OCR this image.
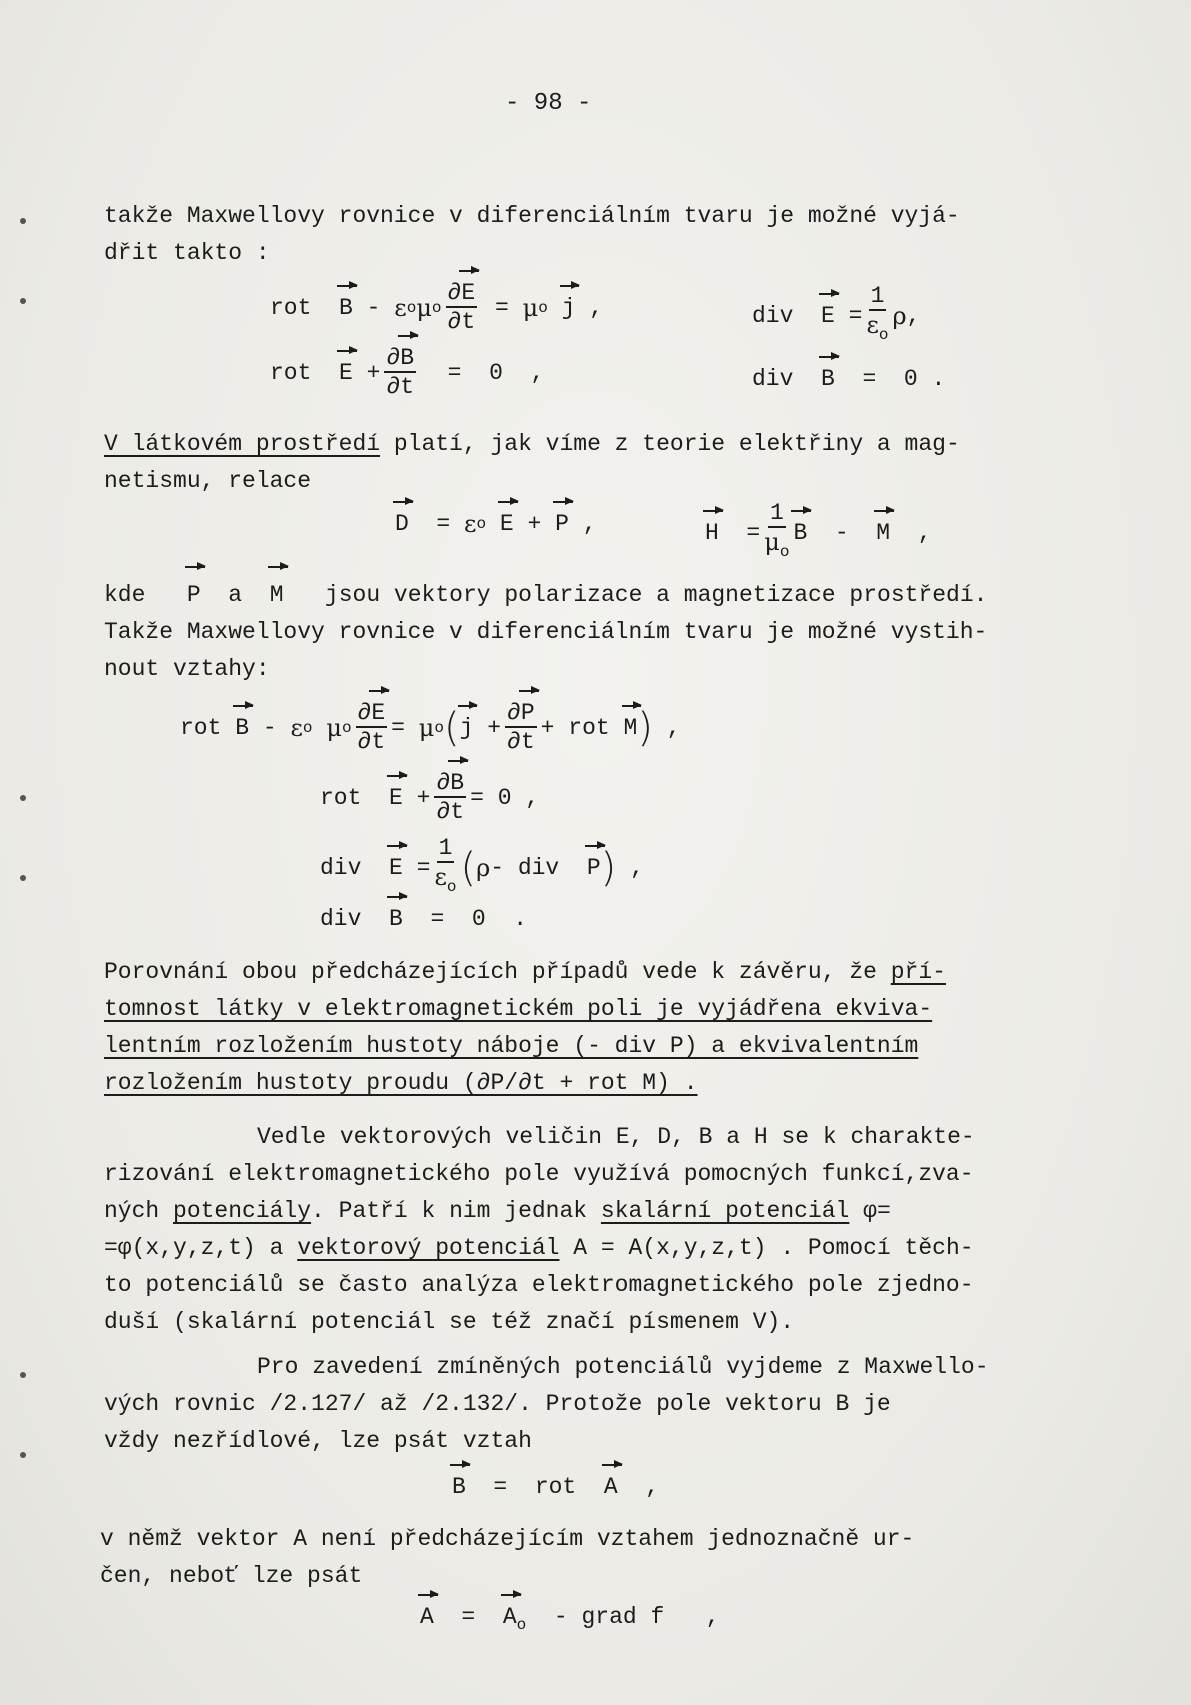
- 98 -
takže Maxwellovy rovnice v diferenciálním tvaru je možné vyjá-
dřit takto :
rot
B - ε o μ o $\frac{\partial E}{\partial t} = \mu$ o
j ,	div
$E = \frac{1}{\varepsilon_o}$ ρ ,
rot
$E + \frac{\partial B}{\partial t} = 0$ ,	div B  =  0 .
V látkovém prostředí platí, jak víme z teorie elektřiny a mag-
netismu, relace
D = ε o
E + P ,	$H = \frac{1}{\mu_o}$ B - M ,
kde P a M jsou vektory polarizace a magnetizace prostředí.
Takže Maxwellovy rovnice v diferenciálním tvaru je možné vystih-
nout vztahy:
rot
B - ε o
μ o $\frac{\partial E}{\partial t} = \mu$ o ( $j + \frac{\partial P}{\partial t}$ + rot
M ) ,
rot
$E + \frac{\partial B}{\partial t} = 0$ ,
div
$E = \frac{1}{\varepsilon_o}$ ( ρ - div
P ) ,
div B  =  0  .
Porovnání obou předcházejících případů vede k závěru, že pří-
tomnost látky v elektromagnetickém poli je vyjádřena ekviva-
lentním rozložením hustoty náboje (- div P) a ekvivalentním
rozložením hustoty proudu (∂P/∂t + rot M) .
Vedle vektorových veličin E, D, B a H se k charakte-
rizování elektromagnetického pole využívá pomocných funkcí,zva-
ných potenciály. Patří k nim jednak skalární potenciál φ=
=φ(x,y,z,t) a vektorový potenciál A = A(x,y,z,t) . Pomocí těch-
to potenciálů se často analýza elektromagnetického pole zjedno-
duší (skalární potenciál se též značí písmenem V).
Pro zavedení zmíněných potenciálů vyjdeme z Maxwello-
vých rovnic /2.127/ až /2.132/. Protože pole vektoru B je
vždy nezřídlové, lze psát vztah
B  =  rot A  ,
v němž vektor A není předcházejícím vztahem jednoznačně ur-
čen, neboť lze psát
$A = A_o$ - grad f   ,
